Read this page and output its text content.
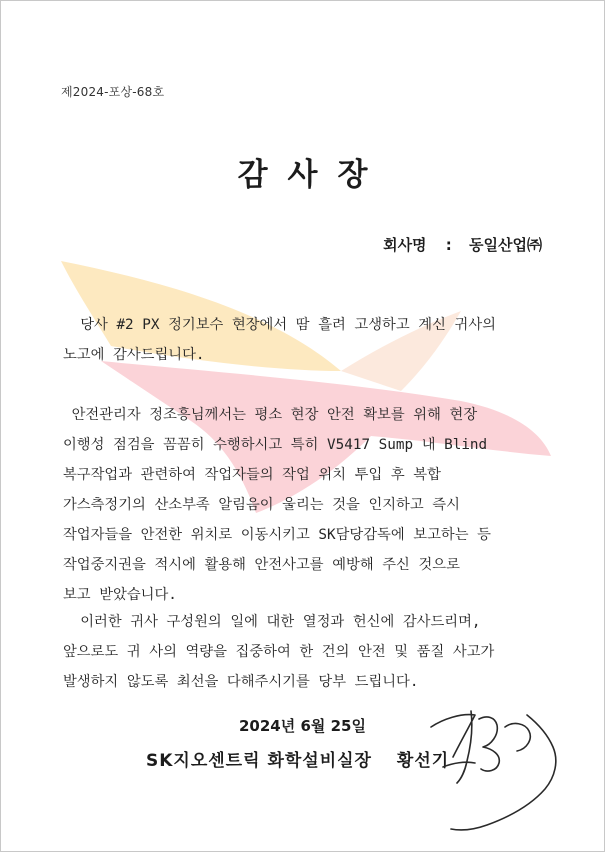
제2024-포상-68호
감사장
회사명 : 동일산업㈜
당사 #2 PX 정기보수 현장에서 땀 흘려 고생하고 계신 귀사의
노고에 감사드립니다.
안전관리자 정조흥님께서는 평소 현장 안전 확보를 위해 현장
이행성 점검을 꼼꼼히 수행하시고 특히 V5417 Sump 내 Blind
복구작업과 관련하여 작업자들의 작업 위치 투입 후 복합
가스측정기의 산소부족 알림음이 울리는 것을 인지하고 즉시
작업자들을 안전한 위치로 이동시키고 SK담당감독에 보고하는 등
작업중지권을 적시에 활용해 안전사고를 예방해 주신 것으로
보고 받았습니다.
이러한 귀사 구성원의 일에 대한 열정과 헌신에 감사드리며,
앞으로도 귀 사의 역량을 집중하여 한 건의 안전 및 품질 사고가
발생하지 않도록 최선을 다해주시기를 당부 드립니다.
2024년 6월 25일
SK지오센트릭 화학설비실장 황선기
